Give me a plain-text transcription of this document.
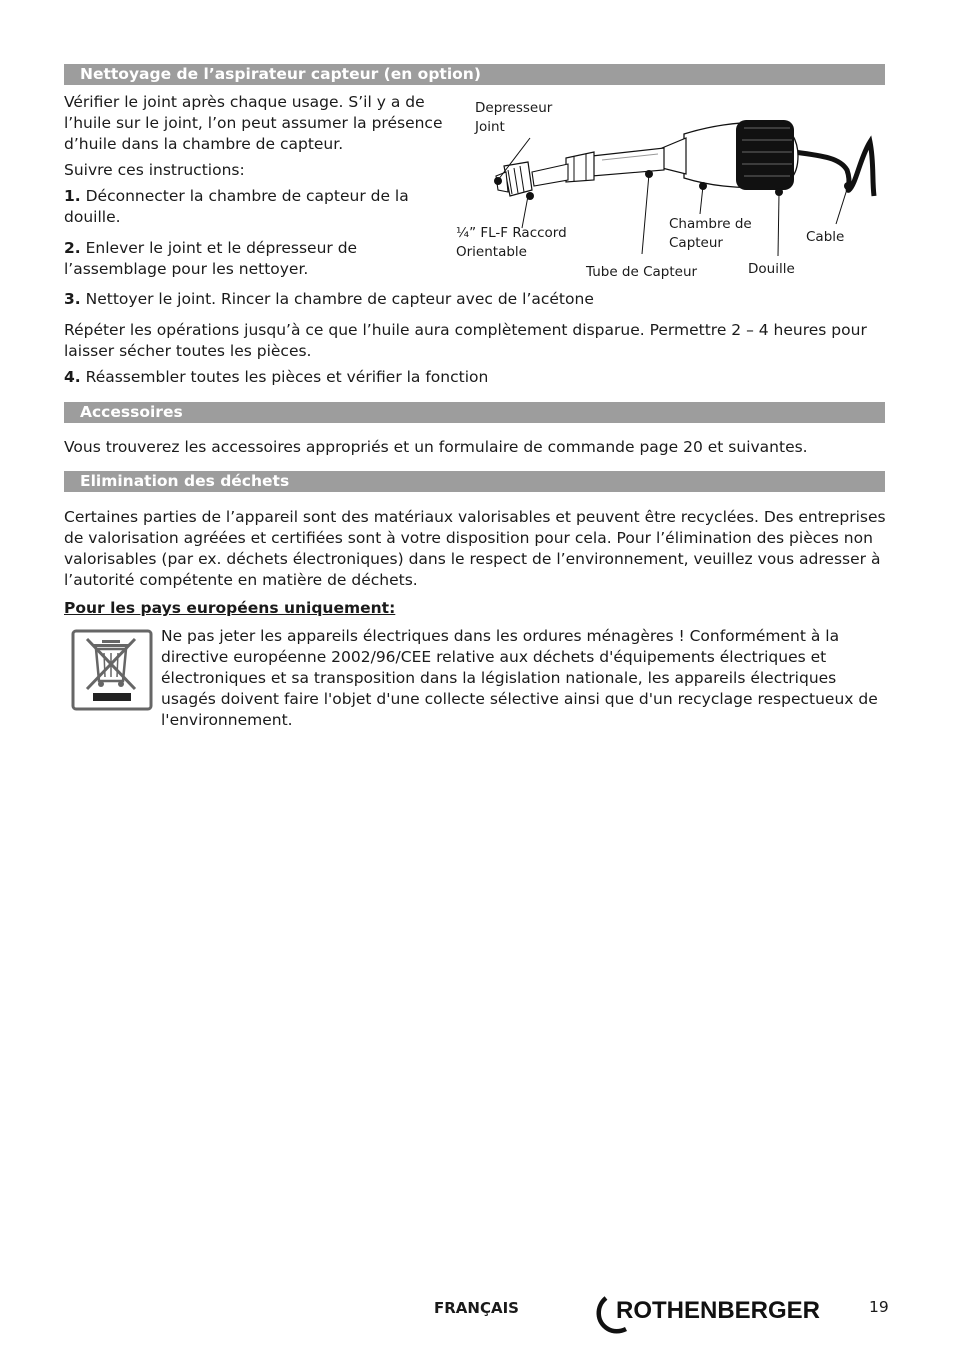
Nettoyage de l’aspirateur capteur (en option)

Vérifier le joint après chaque usage. S’il y a de l’huile sur le joint, l’on peut assumer la présence d’huile dans la chambre de capteur.

Suivre ces instructions:

1. Déconnecter la chambre de capteur de la douille.
2. Enlever le joint et le dépresseur de l’assemblage pour les nettoyer.
Depresseur
Joint
¼” FL-F Raccord
Orientable
Tube de Capteur
Chambre de
Capteur
Douille
Cable
3. Nettoyer le joint. Rincer la chambre de capteur avec de l’acétone

Répéter les opérations jusqu’à ce que l’huile aura complètement disparue. Permettre 2 – 4 heures pour laisser sécher toutes les pièces.

4. Réassembler toutes les pièces et vérifier la fonction
Accessoires

Vous trouverez les accessoires appropriés et un formulaire de commande page 20 et suivantes.

Elimination des déchets

Certaines parties de l’appareil sont des matériaux valorisables et peuvent être recyclées. Des entreprises de valorisation agréées et certifiées sont à votre disposition pour cela. Pour l’élimination des pièces non valorisables (par ex. déchets électroniques) dans le respect de l’environnement, veuillez vous adresser à l’autorité compétente en matière de déchets.

Pour les pays européens uniquement:

Ne pas jeter les appareils électriques dans les ordures ménagères ! Conformément à la directive européenne 2002/96/CEE relative aux déchets d'équipements électriques et électroniques et sa transposition dans la législation nationale, les appareils électriques usagés doivent faire l'objet d'une collecte sélective ainsi que d'un recyclage respectueux de l'environnement.

FRANÇAIS	ROTHENBERGER	19
